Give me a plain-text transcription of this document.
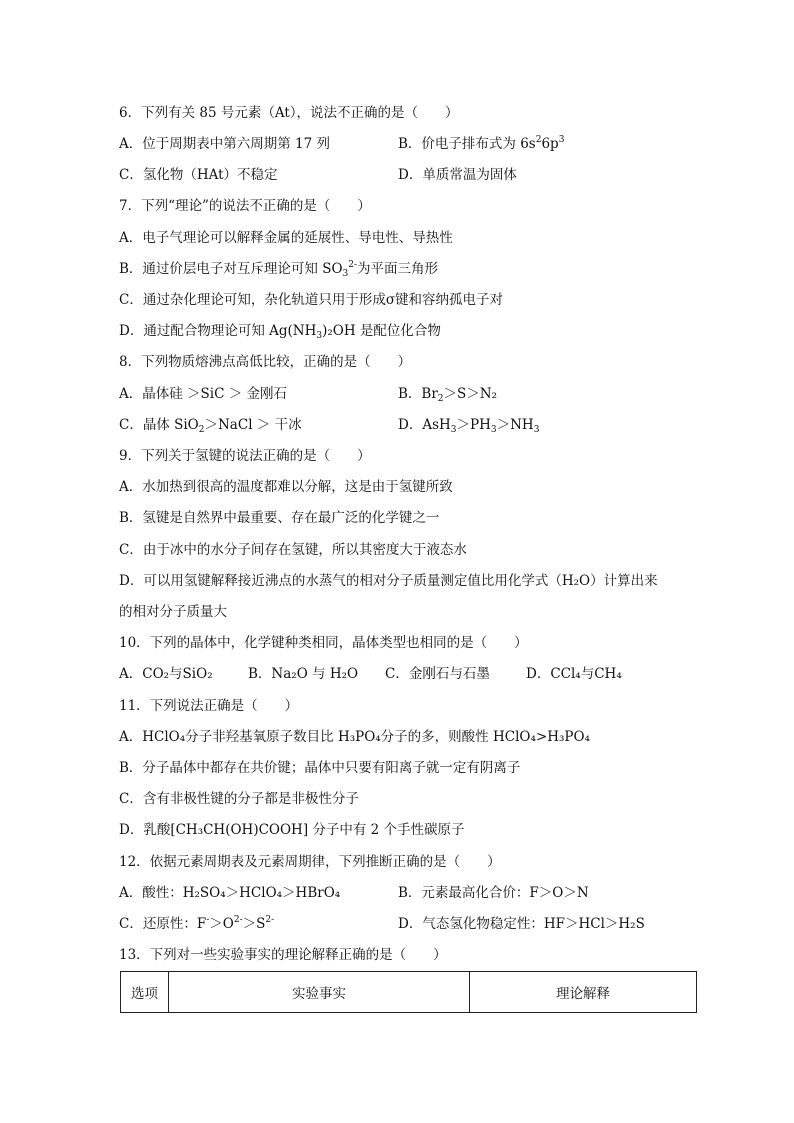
6．下列有关 85 号元素（At），说法不正确的是（　　）
A．位于周期表中第六周期第 17 列	B．价电子排布式为 $6s^26p^3$
C．氢化物（HAt）不稳定	D．单质常温为固体
7．下列“理论”的说法不正确的是（　　）
A．电子气理论可以解释金属的延展性、导电性、导热性
B．通过价层电子对互斥理论可知 $SO_3^{2-}$为平面三角形
C．通过杂化理论可知，杂化轨道只用于形成σ键和容纳孤电子对
D．通过配合物理论可知 $Ag(NH_3)_2OH$ 是配位化合物
8．下列物质熔沸点高低比较，正确的是（　　）
A．晶体硅 ＞SiC ＞ 金刚石	B．$Br_2>S>N_2$
C．晶体 SiO$_2$＞NaCl ＞ 干冰	D．$AsH_3>PH_3>NH_3$
9．下列关于氢键的说法正确的是（　　）
A．水加热到很高的温度都难以分解，这是由于氢键所致
B．氢键是自然界中最重要、存在最广泛的化学键之一
C．由于冰中的水分子间存在氢键，所以其密度大于液态水
D．可以用氢键解释接近沸点的水蒸气的相对分子质量测定值比用化学式（H₂O）计算出来
的相对分子质量大
10．下列的晶体中，化学键种类相同，晶体类型也相同的是（　　）
A．CO₂与SiO₂	B．Na₂O 与 H₂O C．金刚石与石墨	D．CCl₄与CH₄
11．下列说法正确是（　　）
A．HClO₄分子非羟基氧原子数目比 H₃PO₄分子的多，则酸性 HClO₄>H₃PO₄
B．分子晶体中都存在共价键；晶体中只要有阳离子就一定有阴离子
C．含有非极性键的分子都是非极性分子
D．乳酸[CH₃CH(OH)COOH] 分子中有 2 个手性碳原子
12．依据元素周期表及元素周期律，下列推断正确的是（　　）
A．酸性：H₂SO₄＞HClO₄＞HBrO₄	B．元素最高化合价：F＞O＞N
C．还原性：$F^->O^{2-}>S^{2-}$	D．气态氢化物稳定性：HF＞HCl＞H₂S
13．下列对一些实验事实的理论解释正确的是（　　）
选项	实验事实	理论解释
